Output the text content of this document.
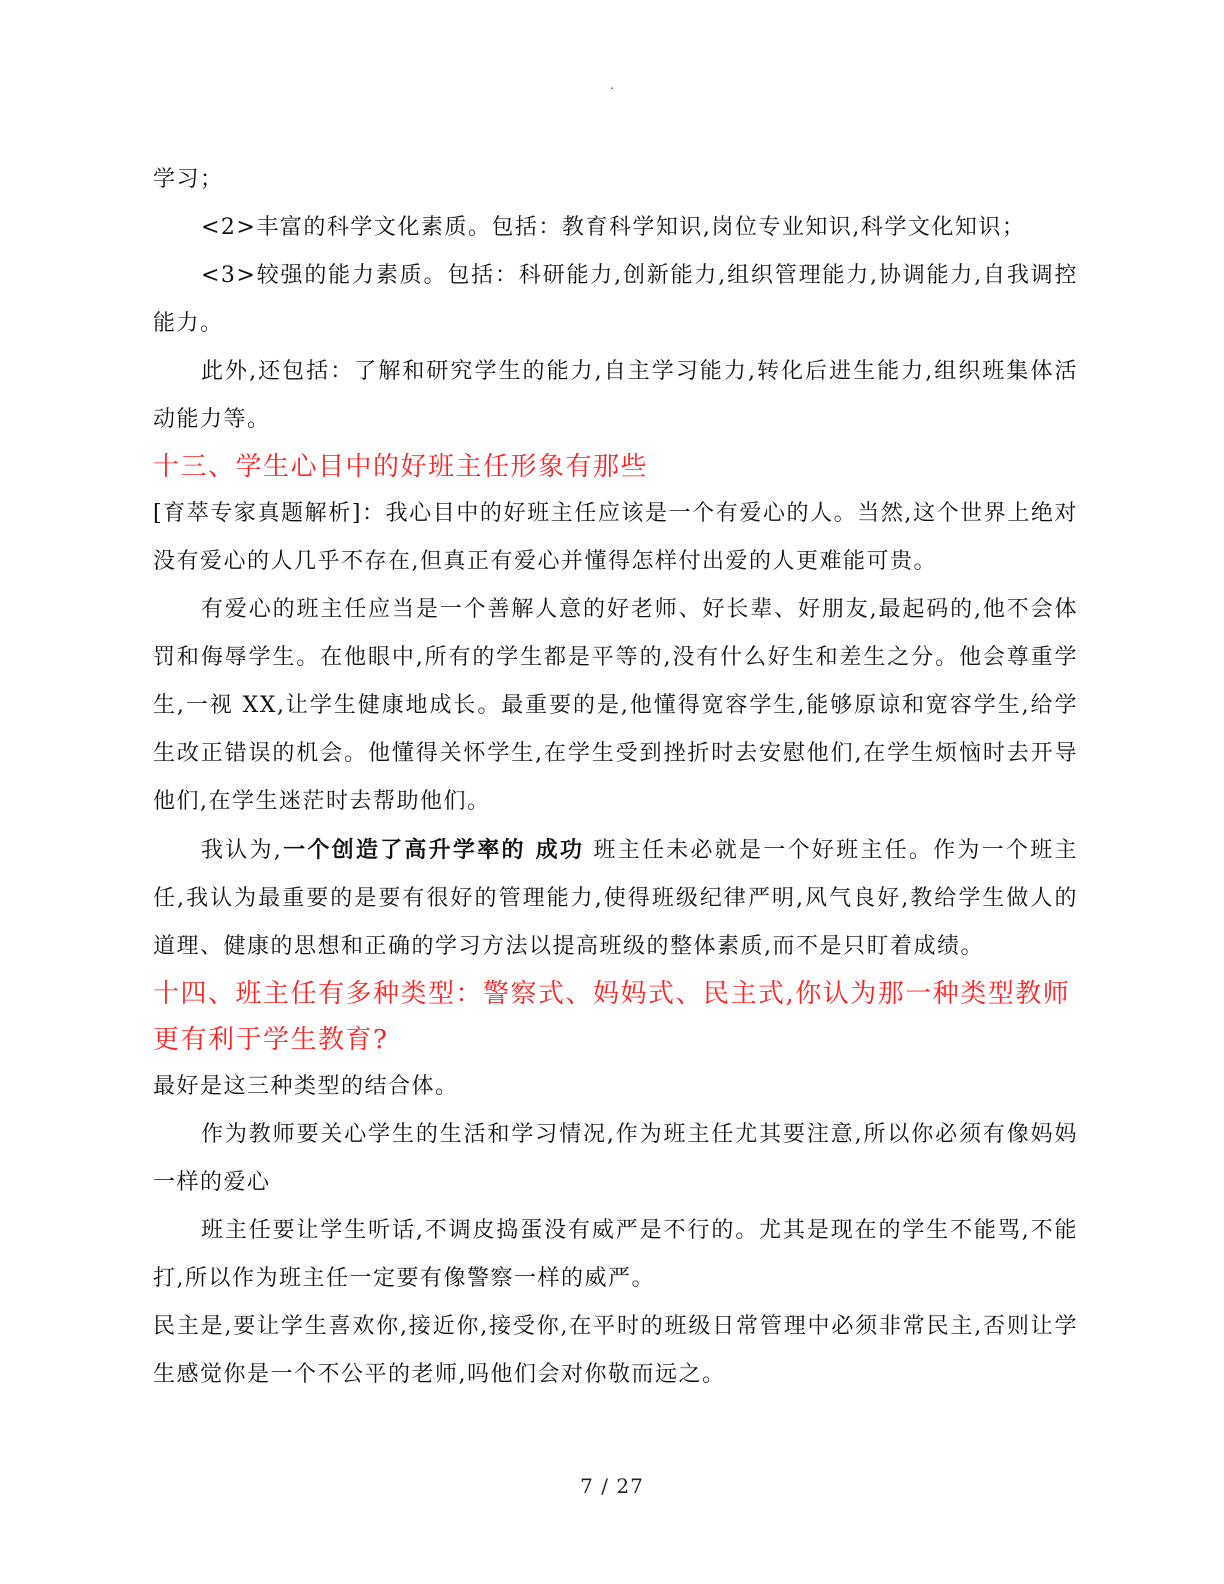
.

学习；

<2>丰富的科学文化素质。包括：教育科学知识,岗位专业知识,科学文化知识；

<3>较强的能力素质。包括：科研能力,创新能力,组织管理能力,协调能力,自我调控能力。

此外,还包括：了解和研究学生的能力,自主学习能力,转化后进生能力,组织班集体活动能力等。

十三、学生心目中的好班主任形象有那些

[育萃专家真题解析]：我心目中的好班主任应该是一个有爱心的人。当然,这个世界上绝对没有爱心的人几乎不存在,但真正有爱心并懂得怎样付出爱的人更难能可贵。

有爱心的班主任应当是一个善解人意的好老师、好长辈、好朋友,最起码的,他不会体罚和侮辱学生。在他眼中,所有的学生都是平等的,没有什么好生和差生之分。他会尊重学生,一视 XX,让学生健康地成长。最重要的是,他懂得宽容学生,能够原谅和宽容学生,给学生改正错误的机会。他懂得关怀学生,在学生受到挫折时去安慰他们,在学生烦恼时去开导他们,在学生迷茫时去帮助他们。

我认为,一个创造了高升学率的 成功 班主任未必就是一个好班主任。作为一个班主任,我认为最重要的是要有很好的管理能力,使得班级纪律严明,风气良好,教给学生做人的道理、健康的思想和正确的学习方法以提高班级的整体素质,而不是只盯着成绩。

十四、班主任有多种类型：警察式、妈妈式、民主式,你认为那一种类型教师更有利于学生教育?

最好是这三种类型的结合体。

作为教师要关心学生的生活和学习情况,作为班主任尤其要注意,所以你必须有像妈妈一样的爱心

班主任要让学生听话,不调皮捣蛋没有威严是不行的。尤其是现在的学生不能骂,不能打,所以作为班主任一定要有像警察一样的威严。

民主是,要让学生喜欢你,接近你,接受你,在平时的班级日常管理中必须非常民主,否则让学生感觉你是一个不公平的老师,吗他们会对你敬而远之。

7 / 27
